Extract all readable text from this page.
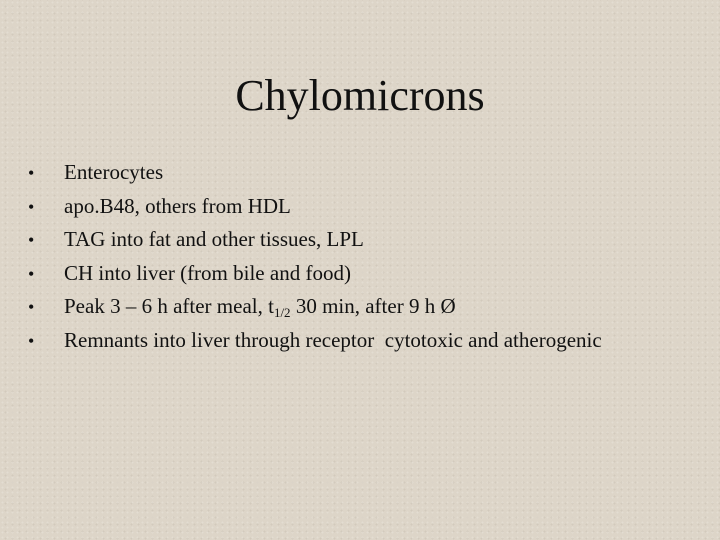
Chylomicrons
•	Enterocytes
•	apo.B48, others from HDL
•	TAG into fat and other tissues, LPL
•	CH into liver (from bile and food)
•	Peak 3 – 6 h after meal, $t_{1/2}$ 30 min, after 9 h Ø
•	Remnants into liver through receptor  cytotoxic and atherogenic
